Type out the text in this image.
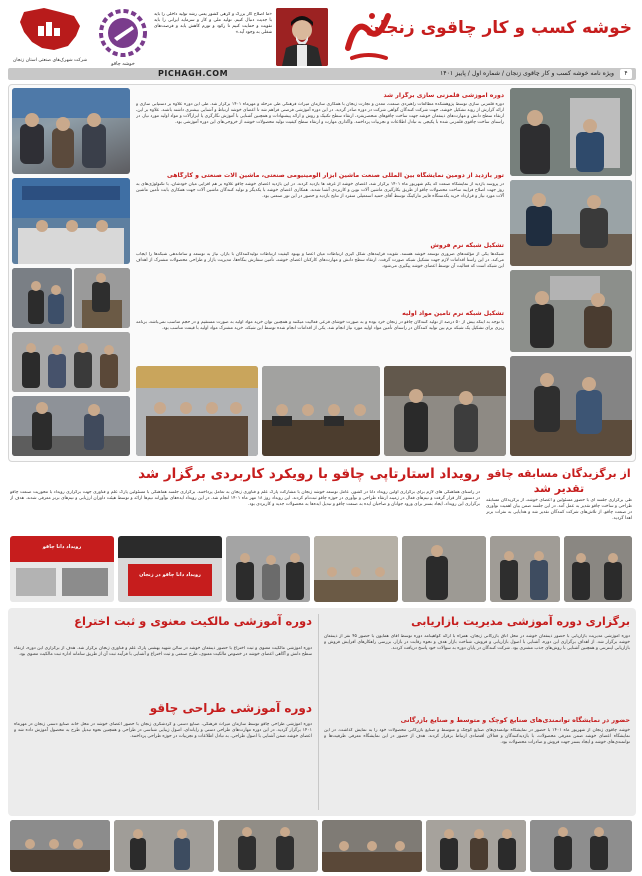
شرکت شهرک‌های صنعتی استان زنجان
خوشه چاقو
«ما اصلاح کار بزرگ و گرهی کشور یعنی رشد تولید داخلی را باید با جدیت دنبال کنیم. تولید ملی و کار و سرمایه ایرانی را باید تقویت و حمایت کنیم تا رکود و تورم کاهش یابد و فرصت‌های شغلی به وجود آید.»	خوشه کسب و کار چاقوی زنجان
PICHAGH.COM	ویژه نامه خوشه کسب و کار چاقوی زنجان / شماره اول / پاییز ۱۴۰۱	۴
دوره آموزشی قلمزنی سازی برگزار شد
دوره قلمزنی سازی توسط پژوهشکده مطالعات راهبردی صنعت، معدن و تجارت زنجان با همکاری سازمان میراث فرهنگی طی مرحله و مهرماه ۱۴۰۱ برگزار شد. طی این دوره علاوه بر دستیابی سازی و ارائه گزارش از روند تشکیل خوشه، جهت شرکت کنندگان گواهی شرکت در دوره صادر گردید. در این دوره آموزشی فرصتی فراهم شد تا اعضای خوشه ارتباط و آشنایی بیشتری داشته باشند. علاوه بر این، ارتقاء سطح دانش و مهارت‌های ذینفعان خوشه جهت ساخت چاقوهای منحصربفرد، ارتقاء سطح تکنیک و روش و ارائه پیشنهادات و همچنین آشنایی با آموزش نگارگری یا ابزارآلات و مواد اولیه مورد نیاز، در راستای ساخت چاقوی قلمزنی شده با پکیجی به تبادل اطلاعات و تجربیات پرداختند. واگذاری مهارت و ارتقاء سطح کیفیت تولید محصولات خوشه از خروجی‌های این دوره آموزشی بود.
تور بازدید از دومین نمایشگاه بین المللی صنعت ماشین ابزار آلومینیومی صنعتی، ماشین آلات صنعتی و کارگاهی
در پروسه بازدید از نمایشگاه صنعت که یکم شهریور ماه ۱۴۰۱ برگزار شد، اعضای خوشه از غرفه ها بازدید کردند. در این بازدید اعضای خوشه چاقو علاوه بر هم افزایی میان خودشان، با تکنولوژی‌های به روز جهت اصلاح فرایند ساخت محصولات چاقو از طریق بکارگیری ماشین آلات نوین و کاربردی آشنا شدند. همکاری اعضای خوشه با یکدیگر و تولید کنندگان ماشین آلات جهت همکاری بابت تأمین ماشین آلات مورد نیاز و قرارداد خرید یکدستگاه فایبر مارکینگ توسط آقای حمید اسمعیلی منفرد از نتایج بازدید و حضور در این تور صنعتی بود.
تشکیل شبکه نرم فروش
شبکه‌ها یکی از مؤلفه‌های ضروری توسعه خوشه هستند. تقویت فرآیندهای شکل گیری ارتباطات میان اعضا و بهبود کیفیت ارتباطات تولیدکنندگان با بازار، نیاز به توسعه و ساماندهی شبکه‌ها را ایجاب می‌کند. در این راستا اقدامات لازم جهت تشکیل شبکه صورت گرفت. ارتقاء سطح دانش و مهارت‌های کارکنان اعضای خوشه، تأمین سفارش بنگاه‌ها، مدیریت بازار و طراحی محصولات مشترک از اهداف این شبکه است که فعالیت آن توسط اعضای خوشه پیگیری می‌شود.
تشکیل شبکه نرم تامین مواد اولیه
با توجه به اینکه بیش از ۵۰ درصد از تولید کنندگان چاقو در زنجان خرد بوده و به صورت خوشای فرعی فعالیت میکنند و همچنین توان خرید مواد اولیه به صورت مستقیم و در حجم مناسب نمی‌باشد، برنامه ریزی برای تشکیل یک شبکه نرم بین تولید کنندگان در راستای تأمین مواد اولیه مورد نیاز انجام شد. یکی از اقدامات انجام شده توسط این شبکه، خرید مشترک مواد اولیه با قیمت مناسب بود.
رویداد استارتاپی چاقو با رویکرد کاربردی برگزار شد
در راستای هماهنگی های لازم برای برگزاری اولین رویداد دانا در کشور، عامل توسعه خوشه زنجان با مشارکت پارک علم و فناوری زنجان به تعامل پرداختند. برگزاری جلسه هماهنگی با مسئولین پارک علم و فناوری جهت برگزاری رویداد با محوریت صنعت چاقو در دستور کار قرار گرفت و تیم‌های فعال در زمینه ارتقاء طراحی و نوآوری در حوزه چاقو ثبت‌نام کردند. این رویداد روز ۱۸ مهر ماه ۱۴۰۱ انجام شد. در این رویداد ایده‌های نوآورانه تیم‌ها ارائه و توسط هیئت داوران ارزیابی و تیم‌های برتر معرفی شدند. هدف از برگزاری این رویداد، ایجاد بستر برای ورود جوانان و صاحبان ایده به صنعت چاقو و تبدیل ایده‌ها به محصولات جدید و کاربردی بود.
از برگزیدگان مسابقه چاقو تقدیر شد
طی برگزاری جلسه ای با حضور مسئولین و اعضای خوشه، از برگزیدگان مسابقه طراحی و ساخت چاقو تقدیر به عمل آمد. در این جلسه ضمن بیان اهمیت نوآوری در صنعت چاقو، از تلاش‌های شرکت کنندگان تقدیر شد و هدایایی به نفرات برتر اهدا گردید.
رویداد دانا چاقو
رویداد دانا چاقو در زنجان
دوره آموزشی مالکیت معنوی و ثبت اختراع
دوره آموزشی مالکیت معنوی و ثبت اختراع با حضور ذینفعان خوشه در سالن شهید بهشتی پارک علم و فناوری زنجان برگزار شد. هدف از برگزاری این دوره، ارتقاء سطح دانش و آگاهی اعضای خوشه در خصوص مالکیت معنوی، طرح صنعتی و ثبت اختراع و آشنایی با فرآیند ثبت آن از طریق سامانه اداره ثبت مالکیت معنوی بود.
دوره آموزشی طراحی چاقو
دوره آموزشی طراحی چاقو توسط سازمان میراث فرهنگی، صنایع دستی و گردشگری زنجان با حضور اعضای خوشه در محل خانه صنایع دستی زنجان در مهرماه ۱۴۰۱ برگزار گردید. در این دوره مهارت‌های طراحی دستی و رایانه‌ای، اصول زیبایی شناسی در طراحی و همچنین نحوه تبدیل طرح به محصول آموزش داده شد و اعضای خوشه ضمن آشنایی با اصول طراحی، به تبادل اطلاعات و تجربیات در حوزه طراحی پرداختند.
برگزاری دوره آموزشی مدیریت بازاریابی
دوره آموزشی مدیریت بازاریابی با حضور ذینفعان خوشه در محل اتاق بازرگانی زنجان، همراه با ارائه گواهینامه دوره توسط آقای همایون با حضور ۴۵ نفر از ذینفعان خوشه برگزار شد. از اهداف برگزاری این دوره، آشنایی با اصول بازاریابی و فروش، شناخت بازار هدف و نحوه رقابت در بازار، بررسی راهکارهای افزایش فروش و بازاریابی اینترنتی و همچنین آشنایی با روش‌های جذب مشتری بود. شرکت کنندگان در پایان دوره به سوالات خود پاسخ دریافت کردند.
حضور در نمایشگاه توانمندی‌های صنایع کوچک و متوسط و صنایع بازرگانی
خوشه چاقوی زنجان از شهریور ماه ۱۴۰۱ با حضور در نمایشگاه توانمندی‌های صنایع کوچک و متوسط و صنایع بازرگانی محصولات خود را به نمایش گذاشت. در این نمایشگاه اعضای خوشه ضمن معرفی محصولات، با بازدیدکنندگان و فعالان اقتصادی ارتباط برقرار کردند. هدف از حضور در این نمایشگاه معرفی ظرفیت‌ها و توانمندی‌های خوشه و ایجاد بستر جهت فروش و صادرات محصولات بود.
